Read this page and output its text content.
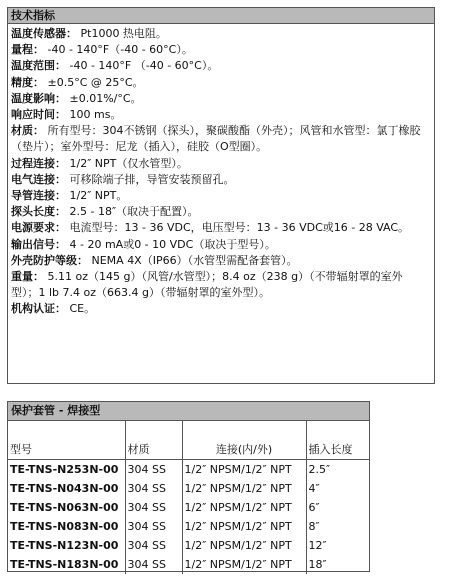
技术指标
温度传感器： Pt1000 热电阻。
量程： -40 - 140°F（-40 - 60°C）。
温度范围： -40 - 140°F （-40 - 60°C）。
精度： ±0.5°C @ 25°C。
温度影响： ±0.01%/°C。
响应时间： 100 ms。
材质： 所有型号：304不锈钢（探头），聚碳酸酯（外壳）；风管和水管型：氯丁橡胶（垫片）；室外型号：尼龙（插入），硅胶（O型圈）。
过程连接： 1/2″ NPT（仅水管型）。
电气连接： 可移除端子排，导管安装预留孔。
导管连接： 1/2″ NPT。
探头长度： 2.5 - 18″（取决于配置）。
电源要求： 电流型号：13 - 36 VDC，电压型号：13 - 36 VDC或16 - 28 VAC。
输出信号： 4 - 20 mA或0 - 10 VDC（取决于型号）。
外壳防护等级： NEMA 4X（IP66）（水管型需配备套管）。
重量： 5.11 oz（145 g）（风管/水管型）；8.4 oz（238 g）（不带辐射罩的室外型）；1 lb 7.4 oz（663.4 g）（带辐射罩的室外型）。
机构认证： CE。
保护套管 - 焊接型
型号	材质	连接(内/外)	插入长度
TE-TNS-N253N-00	304 SS	1/2″ NPSM/1/2″ NPT	2.5″
TE-TNS-N043N-00	304 SS	1/2″ NPSM/1/2″ NPT	4″
TE-TNS-N063N-00	304 SS	1/2″ NPSM/1/2″ NPT	6″
TE-TNS-N083N-00	304 SS	1/2″ NPSM/1/2″ NPT	8″
TE-TNS-N123N-00	304 SS	1/2″ NPSM/1/2″ NPT	12″
TE-TNS-N183N-00	304 SS	1/2″ NPSM/1/2″ NPT	18″
